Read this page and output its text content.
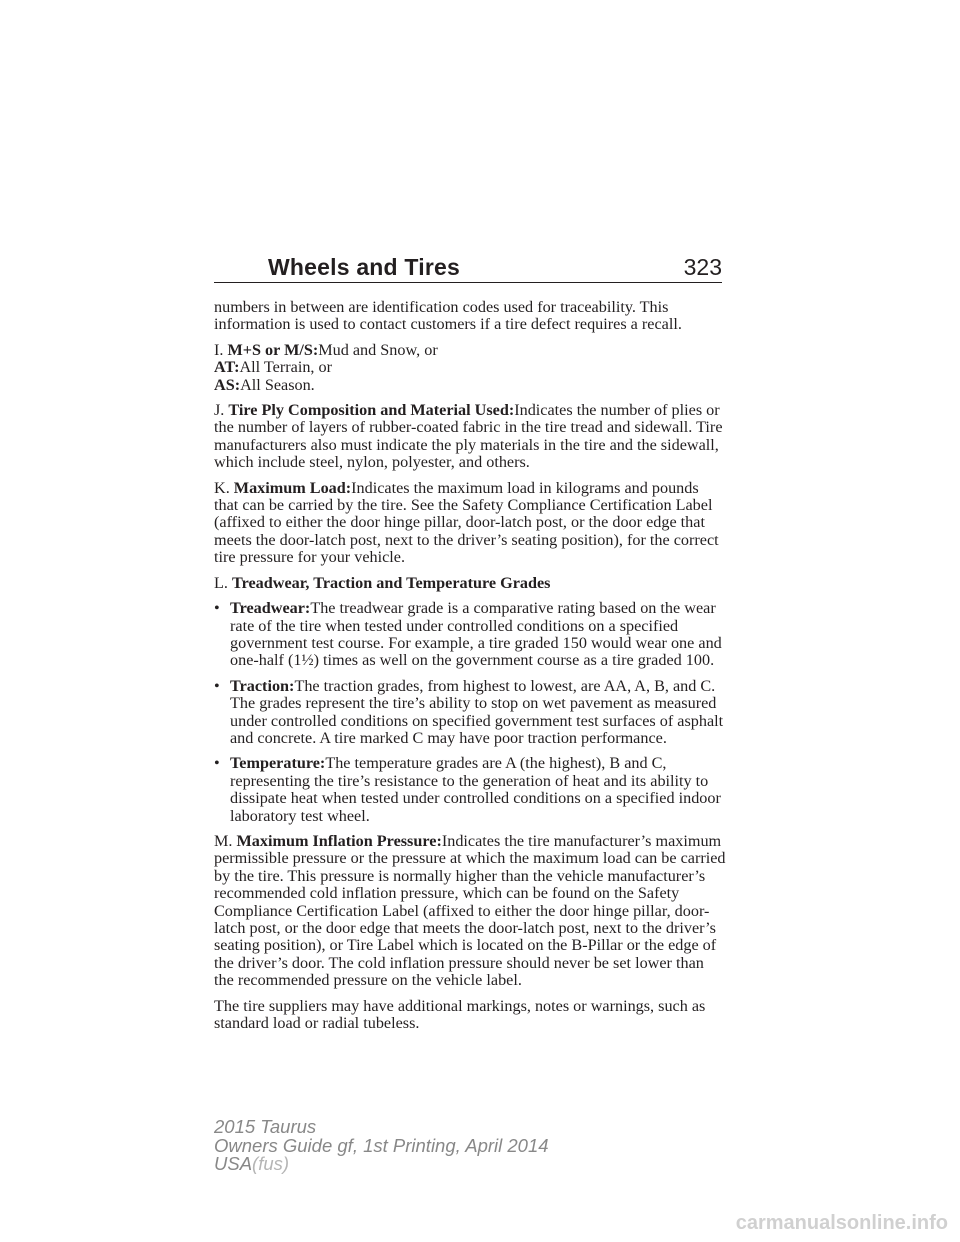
Wheels and Tires	323

numbers in between are identification codes used for traceability. This information is used to contact customers if a tire defect requires a recall.

I. M+S or M/S:Mud and Snow, or
AT:All Terrain, or
AS:All Season.

J. Tire Ply Composition and Material Used:Indicates the number of plies or the number of layers of rubber-coated fabric in the tire tread and sidewall. Tire manufacturers also must indicate the ply materials in the tire and the sidewall, which include steel, nylon, polyester, and others.

K. Maximum Load:Indicates the maximum load in kilograms and pounds that can be carried by the tire. See the Safety Compliance Certification Label (affixed to either the door hinge pillar, door-latch post, or the door edge that meets the door-latch post, next to the driver’s seating position), for the correct tire pressure for your vehicle.

L. Treadwear, Traction and Temperature Grades

• Treadwear:The treadwear grade is a comparative rating based on the wear rate of the tire when tested under controlled conditions on a specified government test course. For example, a tire graded 150 would wear one and one-half (1½) times as well on the government course as a tire graded 100.
• Traction:The traction grades, from highest to lowest, are AA, A, B, and C. The grades represent the tire’s ability to stop on wet pavement as measured under controlled conditions on specified government test surfaces of asphalt and concrete. A tire marked C may have poor traction performance.
• Temperature:The temperature grades are A (the highest), B and C, representing the tire’s resistance to the generation of heat and its ability to dissipate heat when tested under controlled conditions on a specified indoor laboratory test wheel.

M. Maximum Inflation Pressure:Indicates the tire manufacturer’s maximum permissible pressure or the pressure at which the maximum load can be carried by the tire. This pressure is normally higher than the vehicle manufacturer’s recommended cold inflation pressure, which can be found on the Safety Compliance Certification Label (affixed to either the door hinge pillar, door-latch post, or the door edge that meets the door-latch post, next to the driver’s seating position), or Tire Label which is located on the B-Pillar or the edge of the driver’s door. The cold inflation pressure should never be set lower than the recommended pressure on the vehicle label.

The tire suppliers may have additional markings, notes or warnings, such as standard load or radial tubeless.

2015 Taurus
Owners Guide gf, 1st Printing, April 2014
USA(fus)
carmanualsonline.info
